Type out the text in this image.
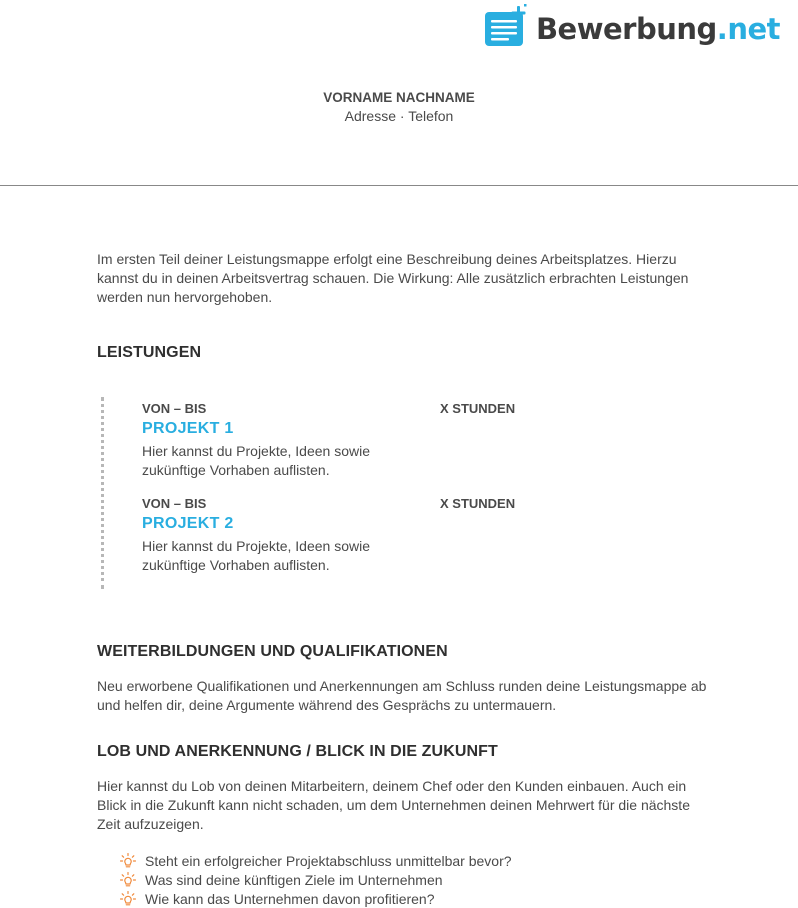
Bewerbung.net
VORNAME NACHNAME
Adresse · Telefon

Im ersten Teil deiner Leistungsmappe erfolgt eine Beschreibung deines Arbeitsplatzes. Hierzu kannst du in deinen Arbeitsvertrag schauen. Die Wirkung: Alle zusätzlich erbrachten Leistungen werden nun hervorgehoben.

LEISTUNGEN
VON – BIS	X STUNDEN
PROJEKT 1
Hier kannst du Projekte, Ideen sowie zukünftige Vorhaben auflisten.
VON – BIS	X STUNDEN
PROJEKT 2
Hier kannst du Projekte, Ideen sowie zukünftige Vorhaben auflisten.
WEITERBILDUNGEN UND QUALIFIKATIONEN

Neu erworbene Qualifikationen und Anerkennungen am Schluss runden deine Leistungsmappe ab und helfen dir, deine Argumente während des Gesprächs zu untermauern.

LOB UND ANERKENNUNG / BLICK IN DIE ZUKUNFT

Hier kannst du Lob von deinen Mitarbeitern, deinem Chef oder den Kunden einbauen. Auch ein Blick in die Zukunft kann nicht schaden, um dem Unternehmen deinen Mehrwert für die nächste Zeit aufzuzeigen.

Steht ein erfolgreicher Projektabschluss unmittelbar bevor?
Was sind deine künftigen Ziele im Unternehmen
Wie kann das Unternehmen davon profitieren?
